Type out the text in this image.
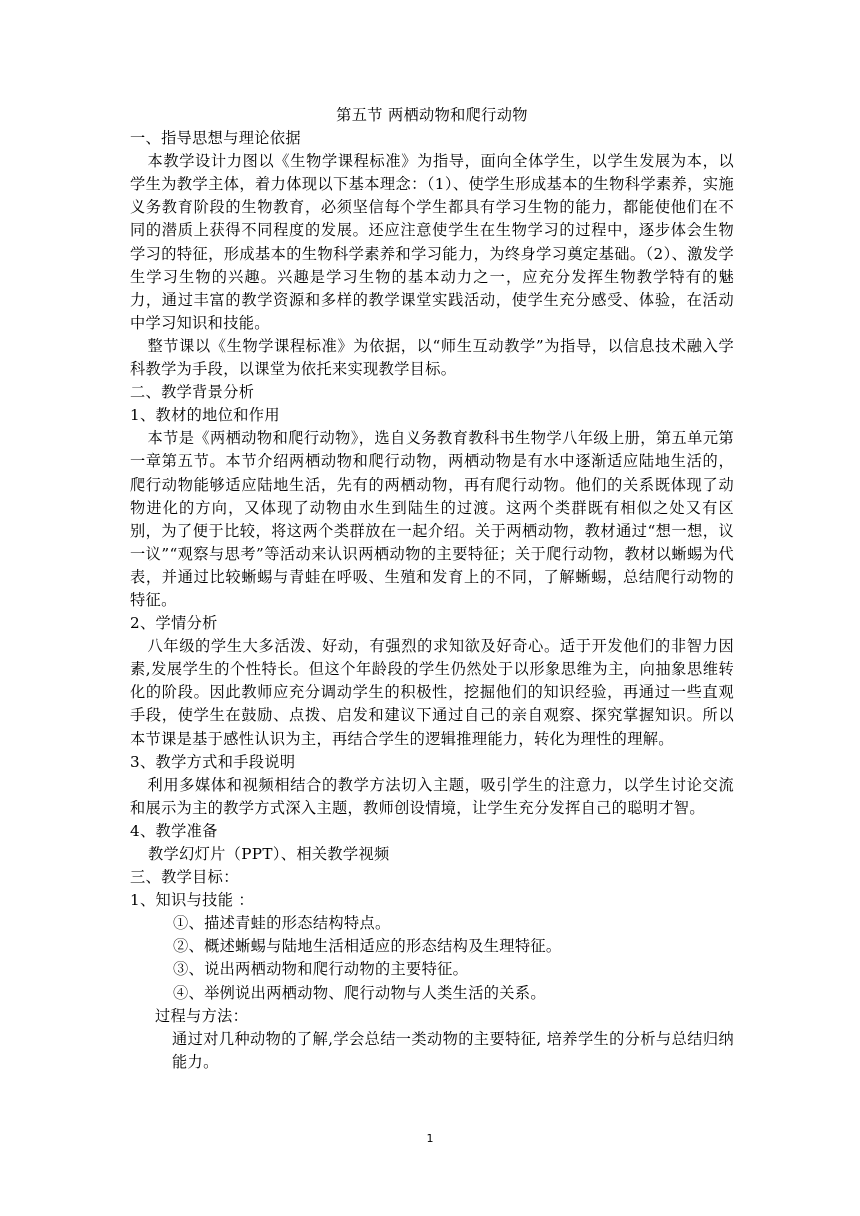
第五节 两栖动物和爬行动物

一、指导思想与理论依据

本教学设计力图以《生物学课程标准》为指导，面向全体学生，以学生发展为本，以学生为教学主体，着力体现以下基本理念：（1）、使学生形成基本的生物科学素养，实施义务教育阶段的生物教育，必须坚信每个学生都具有学习生物的能力，都能使他们在不同的潜质上获得不同程度的发展。还应注意使学生在生物学习的过程中，逐步体会生物学习的特征，形成基本的生物科学素养和学习能力，为终身学习奠定基础。（2）、激发学生学习生物的兴趣。兴趣是学习生物的基本动力之一，应充分发挥生物教学特有的魅力，通过丰富的教学资源和多样的教学课堂实践活动，使学生充分感受、体验，在活动中学习知识和技能。

整节课以《生物学课程标准》为依据，以“师生互动教学”为指导，以信息技术融入学科教学为手段，以课堂为依托来实现教学目标。

二、教学背景分析

1、教材的地位和作用

本节是《两栖动物和爬行动物》，选自义务教育教科书生物学八年级上册，第五单元第一章第五节。本节介绍两栖动物和爬行动物，两栖动物是有水中逐渐适应陆地生活的，爬行动物能够适应陆地生活，先有的两栖动物，再有爬行动物。他们的关系既体现了动物进化的方向，又体现了动物由水生到陆生的过渡。这两个类群既有相似之处又有区别，为了便于比较，将这两个类群放在一起介绍。关于两栖动物，教材通过“想一想，议一议”“观察与思考”等活动来认识两栖动物的主要特征；关于爬行动物，教材以蜥蜴为代表，并通过比较蜥蜴与青蛙在呼吸、生殖和发育上的不同，了解蜥蜴，总结爬行动物的特征。

2、学情分析

八年级的学生大多活泼、好动，有强烈的求知欲及好奇心。适于开发他们的非智力因素,发展学生的个性特长。但这个年龄段的学生仍然处于以形象思维为主，向抽象思维转化的阶段。因此教师应充分调动学生的积极性，挖掘他们的知识经验，再通过一些直观手段，使学生在鼓励、点拨、启发和建议下通过自己的亲自观察、探究掌握知识。所以本节课是基于感性认识为主，再结合学生的逻辑推理能力，转化为理性的理解。

3、教学方式和手段说明

利用多媒体和视频相结合的教学方法切入主题，吸引学生的注意力，以学生讨论交流和展示为主的教学方式深入主题，教师创设情境，让学生充分发挥自己的聪明才智。

4、教学准备

教学幻灯片（PPT）、相关教学视频

三、教学目标：

1、知识与技能 ：

①、描述青蛙的形态结构特点。

②、概述蜥蜴与陆地生活相适应的形态结构及生理特征。

③、说出两栖动物和爬行动物的主要特征。

④、举例说出两栖动物、爬行动物与人类生活的关系。

过程与方法：

通过对几种动物的了解,学会总结一类动物的主要特征, 培养学生的分析与总结归纳能力。

1
